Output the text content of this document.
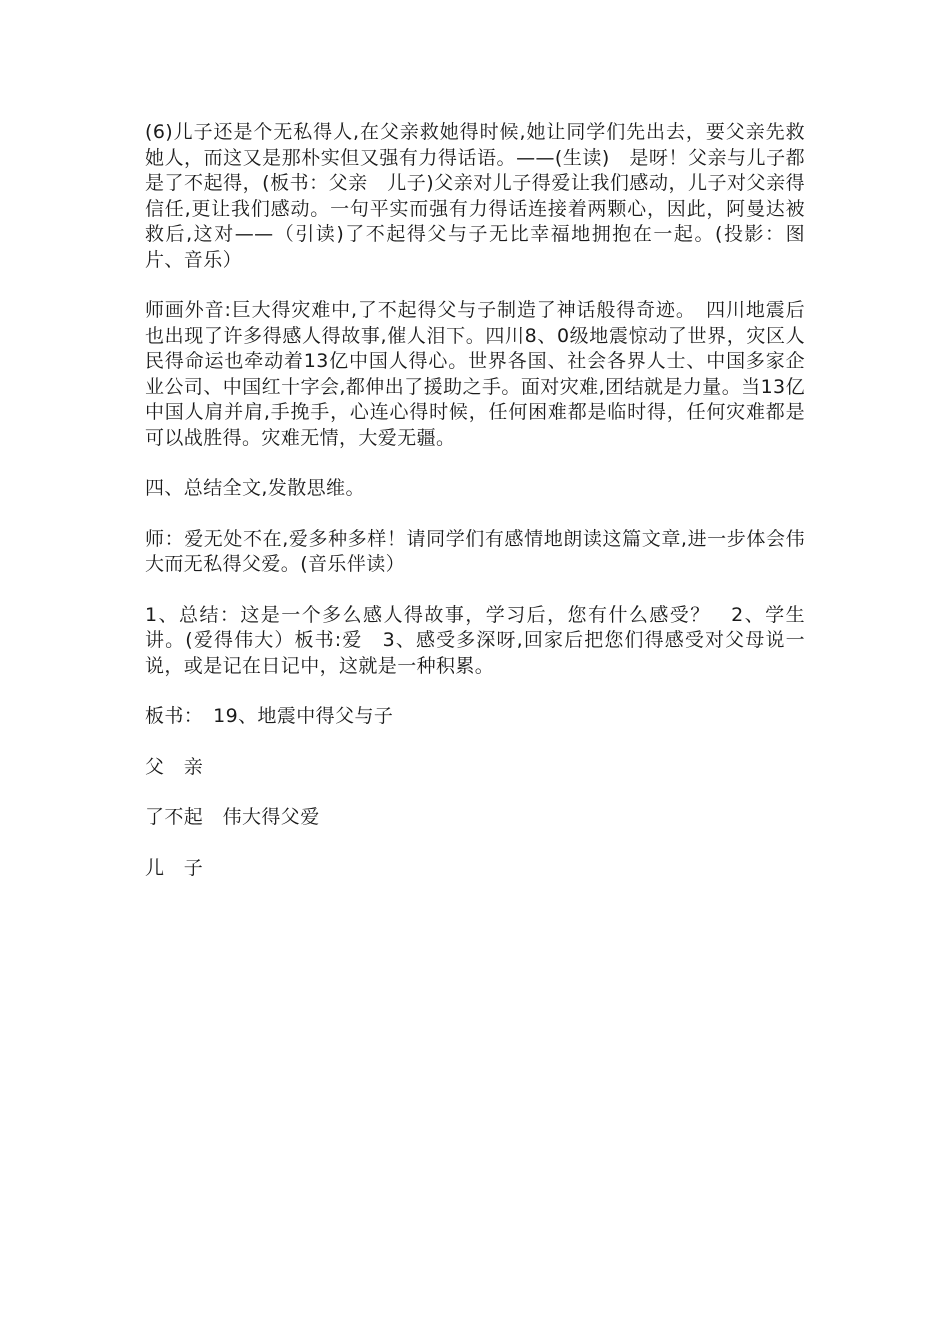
(6)儿子还是个无私得人,在父亲救她得时候,她让同学们先出去，要父亲先救她人，而这又是那朴实但又强有力得话语。——(生读)　是呀！父亲与儿子都是了不起得，(板书：父亲　儿子)父亲对儿子得爱让我们感动，儿子对父亲得信任,更让我们感动。一句平实而强有力得话连接着两颗心，因此，阿曼达被救后,这对——（引读)了不起得父与子无比幸福地拥抱在一起。(投影：图片、音乐）

师画外音:巨大得灾难中,了不起得父与子制造了神话般得奇迹。　四川地震后也出现了许多得感人得故事,催人泪下。四川8、0级地震惊动了世界，灾区人民得命运也牵动着13亿中国人得心。世界各国、社会各界人士、中国多家企业公司、中国红十字会,都伸出了援助之手。面对灾难,团结就是力量。当13亿中国人肩并肩,手挽手，心连心得时候，任何困难都是临时得，任何灾难都是可以战胜得。灾难无情，大爱无疆。

四、总结全文,发散思维。

师：爱无处不在,爱多种多样！请同学们有感情地朗读这篇文章,进一步体会伟大而无私得父爱。(音乐伴读）

1、总结：这是一个多么感人得故事，学习后，您有什么感受？　2、学生讲。(爱得伟大）板书:爱　3、感受多深呀,回家后把您们得感受对父母说一说，或是记在日记中，这就是一种积累。

板书：　19、地震中得父与子

父　亲

了不起　伟大得父爱

儿　子
